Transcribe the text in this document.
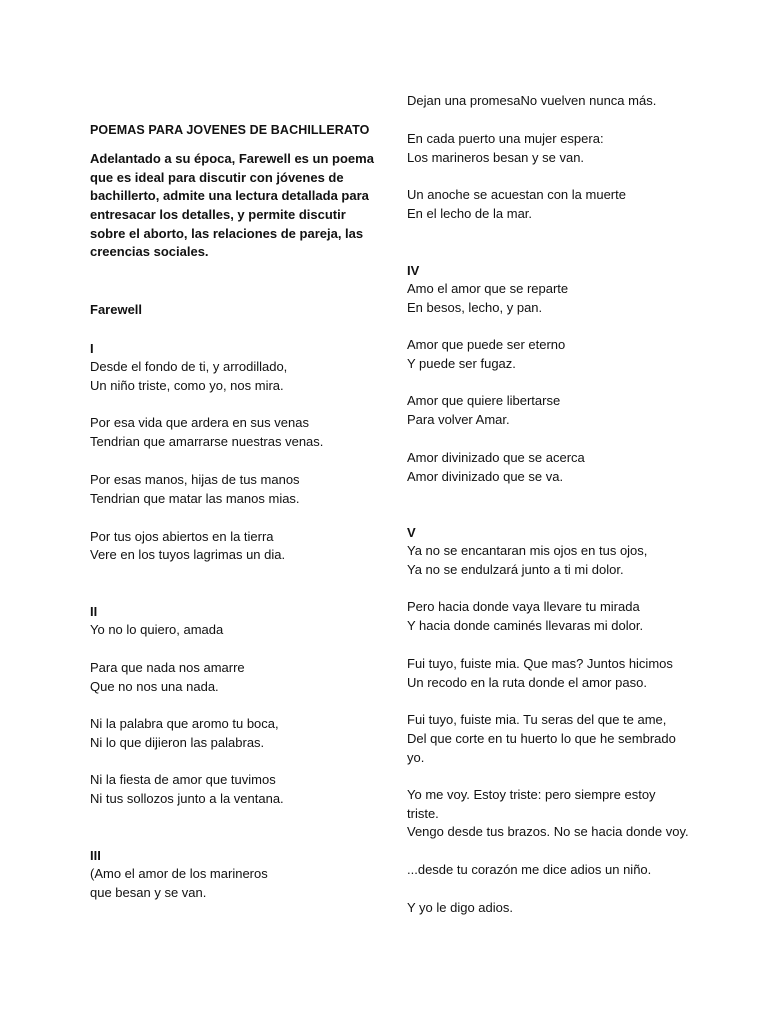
POEMAS PARA JOVENES DE BACHILLERATO
Adelantado a su época, Farewell es un poema
que es ideal para discutir con jóvenes de
bachillerto, admite una lectura detallada para
entresacar los detalles, y permite discutir
sobre el aborto, las relaciones de pareja, las
creencias sociales.
Farewell
I
Desde el fondo de ti, y arrodillado,
Un niño triste, como yo, nos mira.
Por esa vida que ardera en sus venas
Tendrian que amarrarse nuestras venas.
Por esas manos, hijas de tus manos
Tendrian que matar las manos mias.
Por tus ojos abiertos en la tierra
Vere en los tuyos lagrimas un dia.
II
Yo no lo quiero, amada
Para que nada nos amarre
Que no nos una nada.
Ni la palabra que aromo tu boca,
Ni lo que dijieron las palabras.
Ni la fiesta de amor que tuvimos
Ni tus sollozos junto a la ventana.
III
(Amo el amor de los marineros
que besan y se van.
Dejan una promesaNo vuelven nunca más.
En cada puerto una mujer espera:
Los marineros besan y se van.
Un anoche se acuestan con la muerte
En el lecho de la mar.
IV
Amo el amor que se reparte
En besos, lecho, y pan.
Amor que puede ser eterno
Y puede ser fugaz.
Amor que quiere libertarse
Para volver Amar.
Amor divinizado que se acerca
Amor divinizado que se va.
V
Ya no se encantaran mis ojos en tus ojos,
Ya no se endulzará junto a ti mi dolor.
Pero hacia donde vaya llevare tu mirada
Y hacia donde caminés llevaras mi dolor.
Fui tuyo, fuiste mia. Que mas? Juntos hicimos
Un recodo en la ruta donde el amor paso.
Fui tuyo, fuiste mia. Tu seras del que te ame,
Del que corte en tu huerto lo que he sembrado
yo.
Yo me voy. Estoy triste: pero siempre estoy
triste.
Vengo desde tus brazos. No se hacia donde voy.
...desde tu corazón me dice adios un niño.
Y yo le digo adios.
